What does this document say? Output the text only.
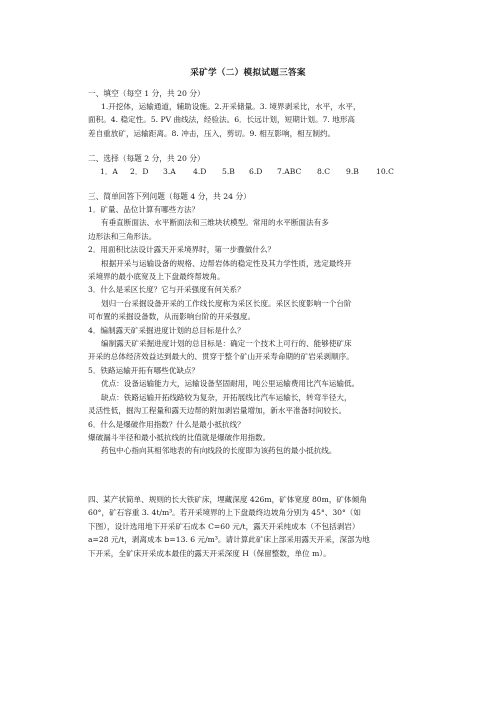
采矿学（二）模拟试题三答案
一、填空（每空 1 分，共 20 分）
1.开挖体，运输通道，辅助设施。2.开采储量。3. 境界剥采比，水平，水平，
面积。4. 稳定性。5. PV 曲线法，经验法。6．长远计划，短期计划。7. 地形高
差自重放矿，运输距离。8. 冲击，压入，剪切。9. 相互影响，相互制约。
二、选择（每题 2 分，共 20 分）
1．A	2．D	3.A	4.D	5.B	6.D	7.ABC	8.C	9.B	10.C
三、简单回答下列问题（每题 4 分，共 24 分）
1．矿量、品位计算有哪些方法？
有垂直断面法、水平断面法和三维块状模型。常用的水平断面法有多
边形法和三角形法。
2．用面积比法设计露天开采境界时，第一步骤做什么？
根据开采与运输设备的规格、边帮岩体的稳定性及其力学性质，选定最终开
采境界的最小底宽及上下盘最终帮坡角。
3．什么是采区长度？它与开采强度有何关系？
划归一台采掘设备开采的工作线长度称为采区长度。采区长度影响一个台阶
可布置的采掘设备数，从而影响台阶的开采强度。
4．编制露天矿采掘进度计划的总目标是什么？
编制露天矿采掘进度计划的总目标是：确定一个技术上可行的、能够使矿床
开采的总体经济效益达到最大的、贯穿于整个矿山开采寿命期的矿岩采剥顺序。
5．铁路运输开拓有哪些优缺点？
优点：设备运输能力大，运输设备坚固耐用，吨公里运输费用比汽车运输低。
缺点：铁路运输开拓线路较为复杂，开拓展线比汽车运输长，转弯半径大，
灵活性低，掘沟工程量和露天边帮的附加剥岩量增加，新水平准备时间较长。
6．什么是爆破作用指数？什么是最小抵抗线？
爆破漏斗半径和最小抵抗线的比值就是爆破作用指数。
药包中心指向其相邻地表的有向线段的长度即为该药包的最小抵抗线。
四、某产状简单、规则的长大铁矿床，埋藏深度 426m，矿体宽度 80m，矿体倾角
60°，矿石容重 3. 4t/m³。若开采境界的上下盘最终边坡角分别为 45°、30°（如
下图），设计选用地下开采矿石成本 C=60 元/t，露天开采纯成本（不包括剥岩）
a=28 元/t，剥离成本 b=13. 6 元/m³。请计算此矿床上部采用露天开采，深部为地
下开采，全矿床开采成本最佳的露天开采深度 H（保留整数，单位 m）。
